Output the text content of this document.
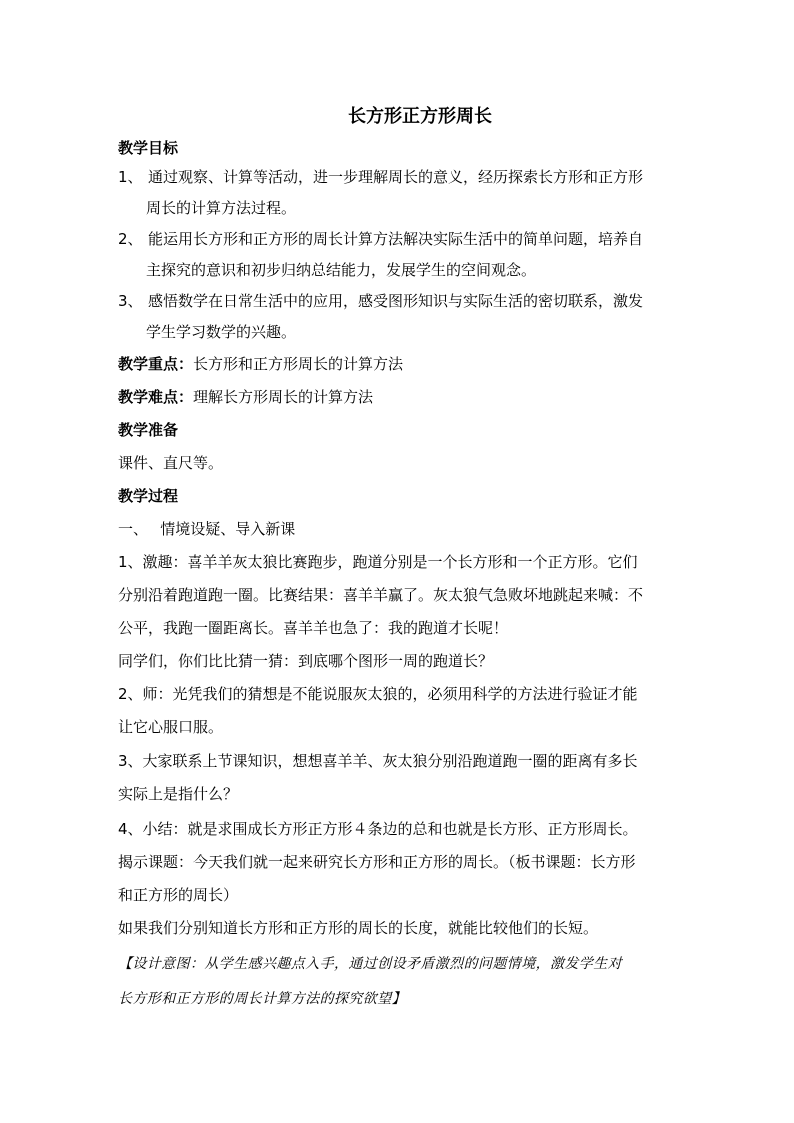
长方形正方形周长
教学目标
1、 通过观察、计算等活动，进一步理解周长的意义，经历探索长方形和正方形
周长的计算方法过程。
2、 能运用长方形和正方形的周长计算方法解决实际生活中的简单问题，培养自
主探究的意识和初步归纳总结能力，发展学生的空间观念。
3、 感悟数学在日常生活中的应用，感受图形知识与实际生活的密切联系，激发
学生学习数学的兴趣。
教学重点：长方形和正方形周长的计算方法
教学难点：理解长方形周长的计算方法
教学准备
课件、直尺等。
教学过程
一、　 情境设疑、导入新课
1、激趣：喜羊羊灰太狼比赛跑步，跑道分别是一个长方形和一个正方形。它们
分别沿着跑道跑一圈。比赛结果：喜羊羊赢了。灰太狼气急败坏地跳起来喊：不
公平，我跑一圈距离长。喜羊羊也急了：我的跑道才长呢！
同学们，你们比比猜一猜：到底哪个图形一周的跑道长？
2、师：光凭我们的猜想是不能说服灰太狼的，必须用科学的方法进行验证才能
让它心服口服。
3、大家联系上节课知识，想想喜羊羊、灰太狼分别沿跑道跑一圈的距离有多长
实际上是指什么？
4、小结：就是求围成长方形正方形４条边的总和也就是长方形、正方形周长。
揭示课题：今天我们就一起来研究长方形和正方形的周长。（板书课题：长方形
和正方形的周长）
如果我们分别知道长方形和正方形的周长的长度，就能比较他们的长短。
【设计意图：从学生感兴趣点入手，通过创设矛盾激烈的问题情境，激发学生对
长方形和正方形的周长计算方法的探究欲望】
